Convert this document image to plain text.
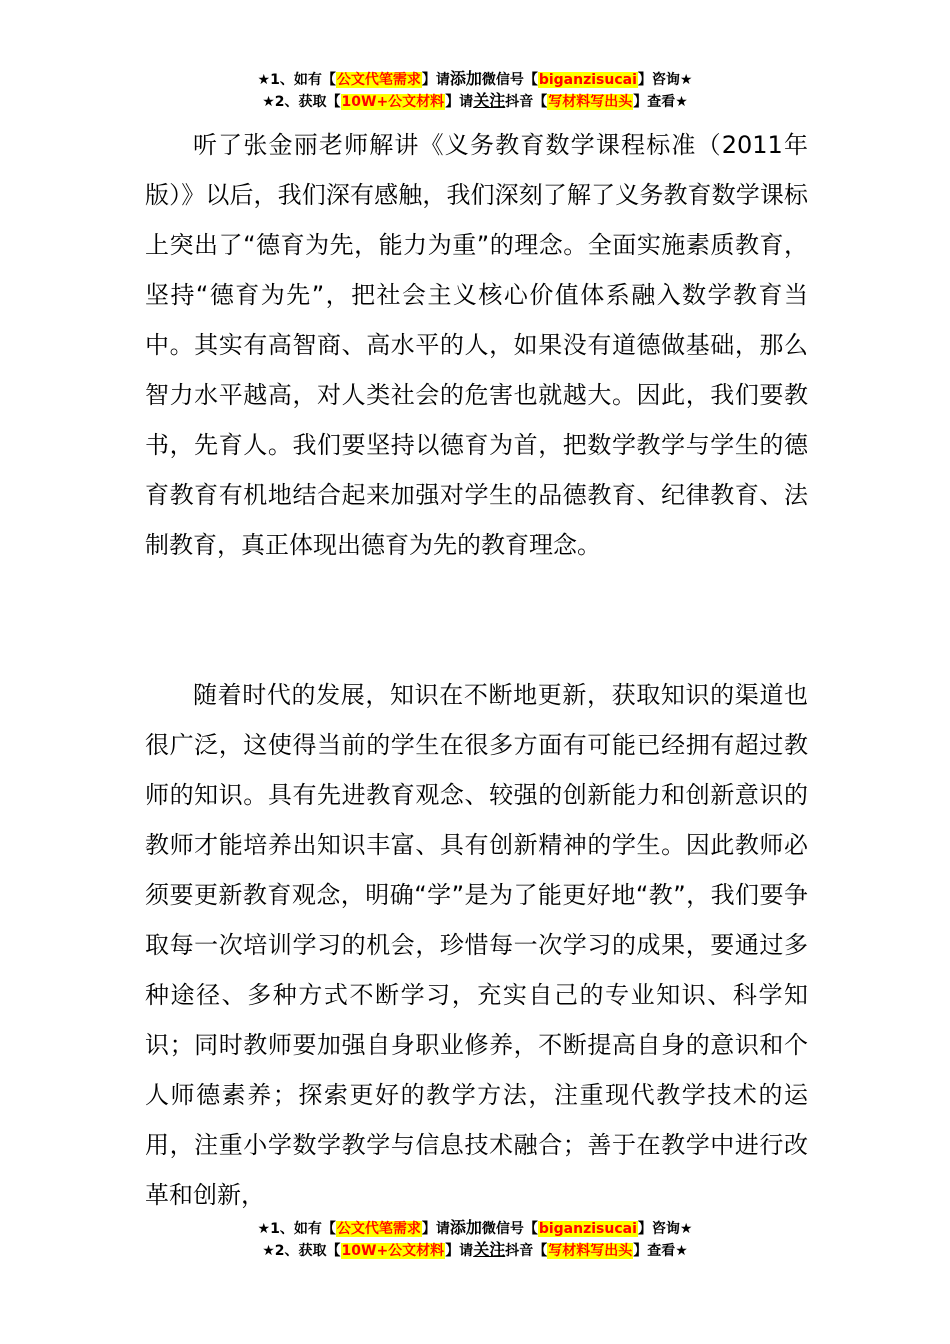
★1、如有【公文代笔需求】请添加微信号【biganzisucai】咨询★
★2、获取【10W+公文材料】请关注抖音【写材料写出头】查看★

听了张金丽老师解讲《义务教育数学课程标准（2011年版）》以后，我们深有感触，我们深刻了解了义务教育数学课标上突出了“德育为先，能力为重”的理念。全面实施素质教育，坚持“德育为先”，把社会主义核心价值体系融入数学教育当中。其实有高智商、高水平的人，如果没有道德做基础，那么智力水平越高，对人类社会的危害也就越大。因此，我们要教书，先育人。我们要坚持以德育为首，把数学教学与学生的德育教育有机地结合起来加强对学生的品德教育、纪律教育、法制教育，真正体现出德育为先的教育理念。

随着时代的发展，知识在不断地更新，获取知识的渠道也很广泛，这使得当前的学生在很多方面有可能已经拥有超过教师的知识。具有先进教育观念、较强的创新能力和创新意识的教师才能培养出知识丰富、具有创新精神的学生。因此教师必须要更新教育观念，明确“学”是为了能更好地“教”，我们要争取每一次培训学习的机会，珍惜每一次学习的成果，要通过多种途径、多种方式不断学习，充实自己的专业知识、科学知识；同时教师要加强自身职业修养，不断提高自身的意识和个人师德素养；探索更好的教学方法，注重现代教学技术的运用，注重小学数学教学与信息技术融合；善于在教学中进行改革和创新，

★1、如有【公文代笔需求】请添加微信号【biganzisucai】咨询★
★2、获取【10W+公文材料】请关注抖音【写材料写出头】查看★
